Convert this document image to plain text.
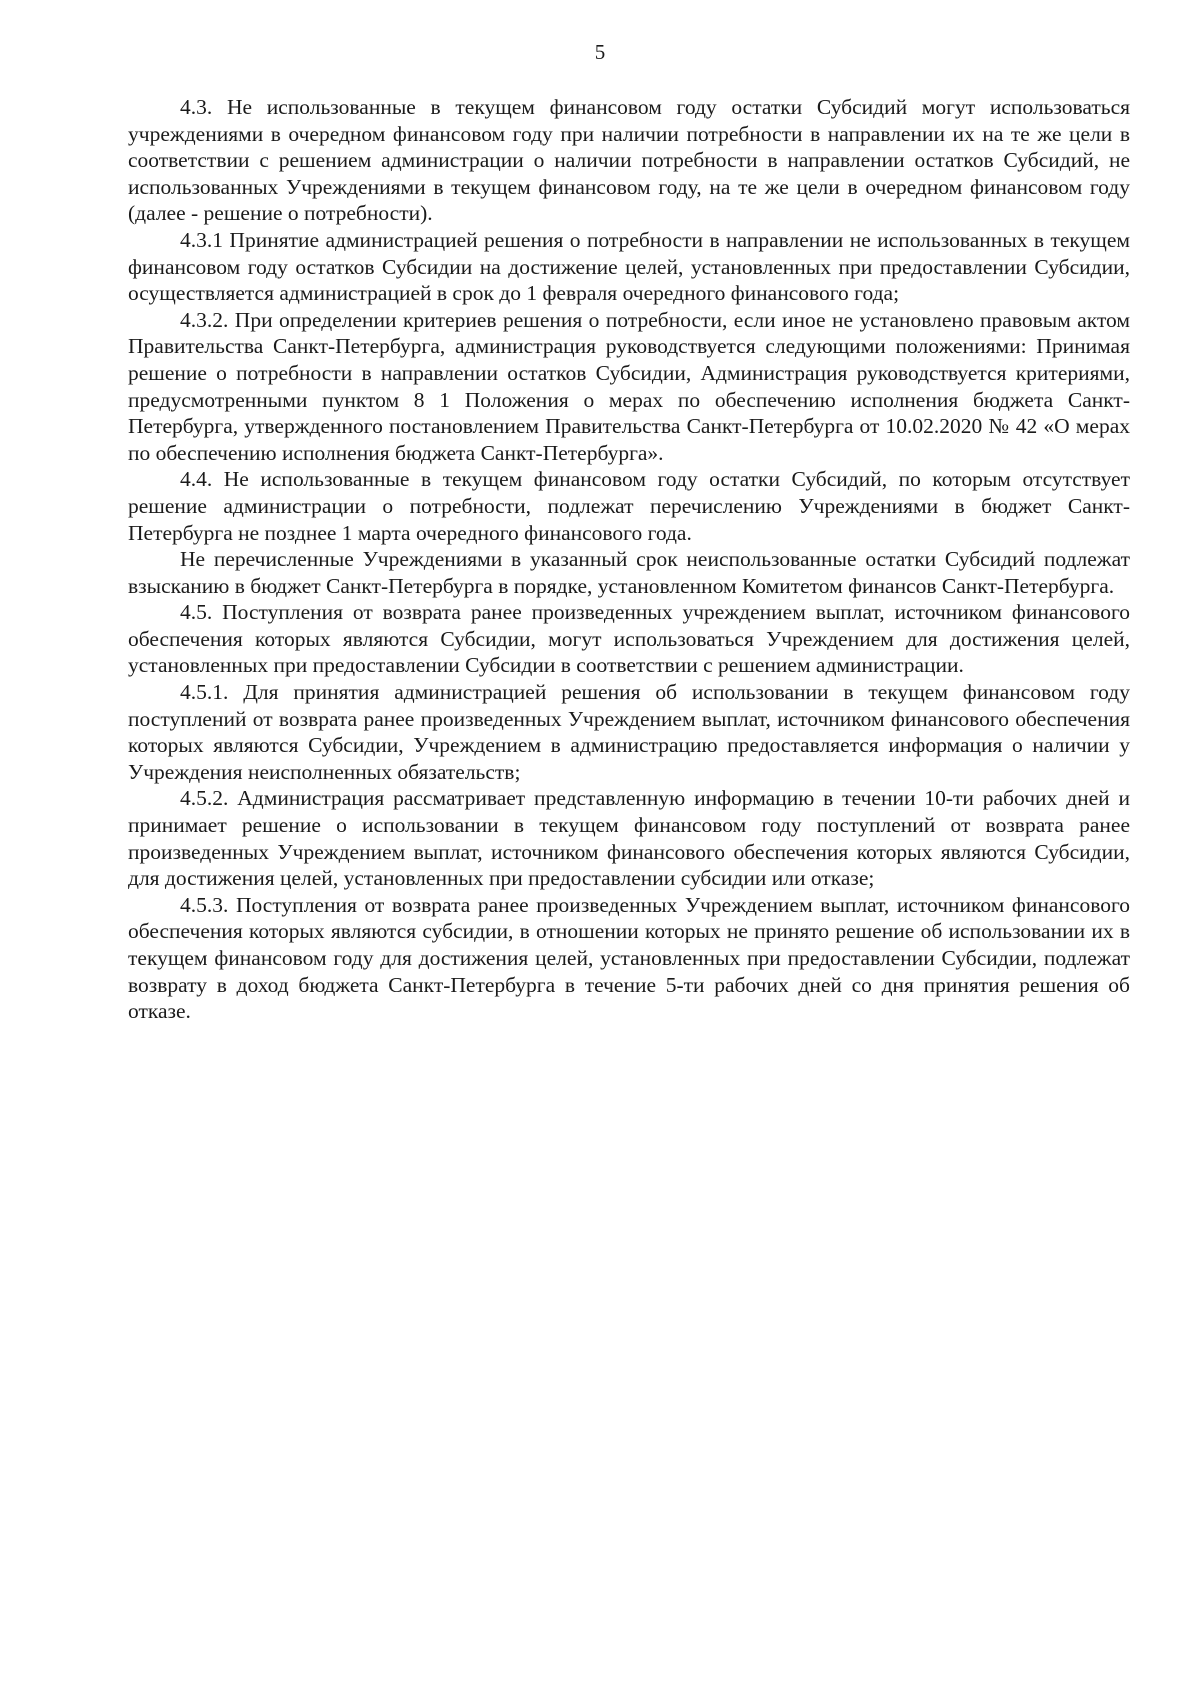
5

4.3. Не использованные в текущем финансовом году остатки Субсидий могут использоваться учреждениями в очередном финансовом году при наличии потребности в направлении их на те же цели в соответствии с решением администрации о наличии потребности в направлении остатков Субсидий, не использованных Учреждениями в текущем финансовом году, на те же цели в очередном финансовом году (далее - решение о потребности).

4.3.1 Принятие администрацией решения о потребности в направлении не использованных в текущем финансовом году остатков Субсидии на достижение целей, установленных при предоставлении Субсидии, осуществляется администрацией в срок до 1 февраля очередного финансового года;

4.3.2. При определении критериев решения о потребности, если иное не установлено правовым актом Правительства Санкт-Петербурга, администрация руководствуется следующими положениями: Принимая решение о потребности в направлении остатков Субсидии, Администрация руководствуется критериями, предусмотренными пунктом 8 1 Положения о мерах по обеспечению исполнения бюджета Санкт-Петербурга, утвержденного постановлением Правительства Санкт-Петербурга от 10.02.2020 № 42 «О мерах по обеспечению исполнения бюджета Санкт-Петербурга».

4.4. Не использованные в текущем финансовом году остатки Субсидий, по которым отсутствует решение администрации о потребности, подлежат перечислению Учреждениями в бюджет Санкт-Петербурга не позднее 1 марта очередного финансового года.

Не перечисленные Учреждениями в указанный срок неиспользованные остатки Субсидий подлежат взысканию в бюджет Санкт-Петербурга в порядке, установленном Комитетом финансов Санкт-Петербурга.

4.5. Поступления от возврата ранее произведенных учреждением выплат, источником финансового обеспечения которых являются Субсидии, могут использоваться Учреждением для достижения целей, установленных при предоставлении Субсидии в соответствии с решением администрации.

4.5.1. Для принятия администрацией решения об использовании в текущем финансовом году поступлений от возврата ранее произведенных Учреждением выплат, источником финансового обеспечения которых являются Субсидии, Учреждением в администрацию предоставляется информация о наличии у Учреждения неисполненных обязательств;

4.5.2. Администрация рассматривает представленную информацию в течении 10-ти рабочих дней и принимает решение о использовании в текущем финансовом году поступлений от возврата ранее произведенных Учреждением выплат, источником финансового обеспечения которых являются Субсидии, для достижения целей, установленных при предоставлении субсидии или отказе;

4.5.3. Поступления от возврата ранее произведенных Учреждением выплат, источником финансового обеспечения которых являются субсидии, в отношении которых не принято решение об использовании их в текущем финансовом году для достижения целей, установленных при предоставлении Субсидии, подлежат возврату в доход бюджета Санкт-Петербурга в течение 5-ти рабочих дней со дня принятия решения об отказе.
